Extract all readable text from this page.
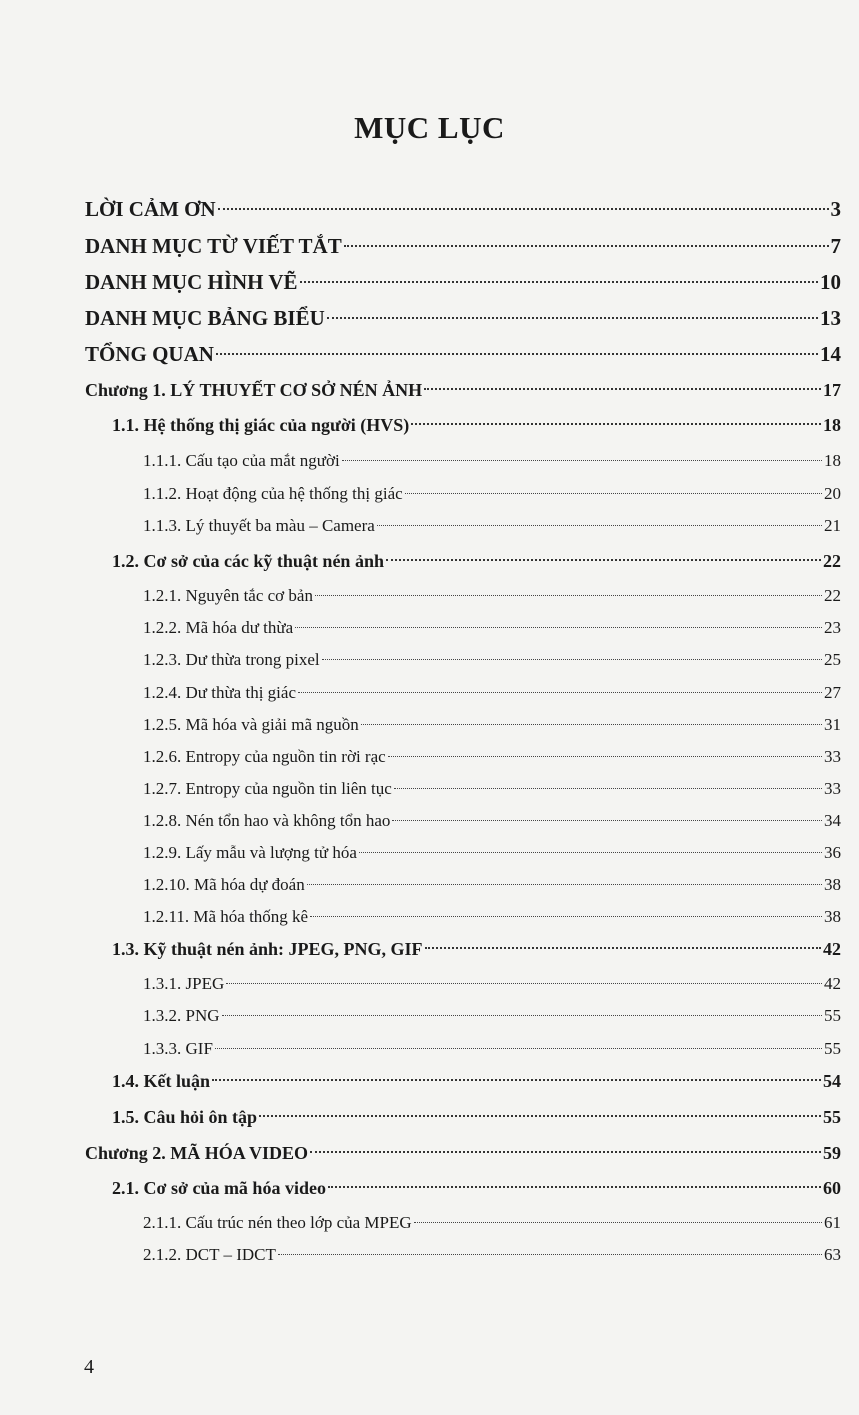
MỤC LỤC
LỜI CẢM ƠN	3
DANH MỤC TỪ VIẾT TẮT	7
DANH MỤC HÌNH VẼ	10
DANH MỤC BẢNG BIỂU	13
TỔNG QUAN	14
Chương 1. LÝ THUYẾT CƠ SỞ NÉN ẢNH	17
1.1. Hệ thống thị giác của người (HVS)	18
1.1.1. Cấu tạo của mắt người	18
1.1.2. Hoạt động của hệ thống thị giác	20
1.1.3. Lý thuyết ba màu – Camera	21
1.2. Cơ sở của các kỹ thuật nén ảnh	22
1.2.1. Nguyên tắc cơ bản	22
1.2.2. Mã hóa dư thừa	23
1.2.3. Dư thừa trong pixel	25
1.2.4. Dư thừa thị giác	27
1.2.5. Mã hóa và giải mã nguồn	31
1.2.6. Entropy của nguồn tin rời rạc	33
1.2.7. Entropy của nguồn tin liên tục	33
1.2.8. Nén tổn hao và không tổn hao	34
1.2.9. Lấy mẫu và lượng tử hóa	36
1.2.10. Mã hóa dự đoán	38
1.2.11. Mã hóa thống kê	38
1.3. Kỹ thuật nén ảnh: JPEG, PNG, GIF	42
1.3.1. JPEG	42
1.3.2. PNG	55
1.3.3. GIF	55
1.4. Kết luận	54
1.5. Câu hỏi ôn tập	55
Chương 2. MÃ HÓA VIDEO	59
2.1. Cơ sở của mã hóa video	60
2.1.1. Cấu trúc nén theo lớp của MPEG	61
2.1.2. DCT – IDCT	63
4
